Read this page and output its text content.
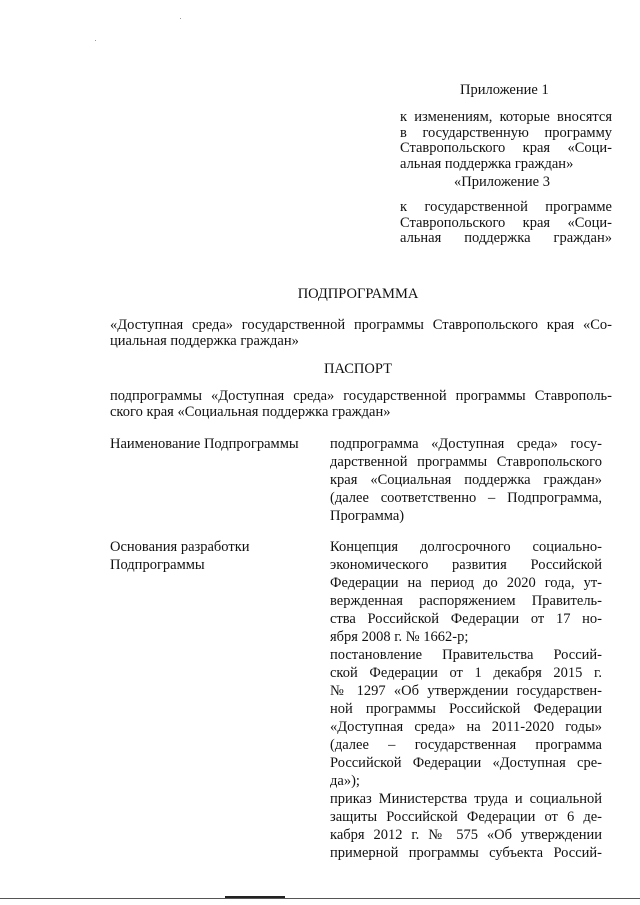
Приложение 1
к изменениям, которые вносятся
в государственную программу
Ставропольского края «Соци-
альная поддержка граждан»
«Приложение 3
к государственной программе
Ставропольского края «Соци-
альная поддержка граждан»
ПОДПРОГРАММА
«Доступная среда» государственной программы Ставропольского края «Со-
циальная поддержка граждан»
ПАСПОРТ
подпрограммы «Доступная среда» государственной программы Ставрополь-
ского края «Социальная поддержка граждан»
Наименование Подпрограммы	подпрограмма «Доступная среда» госу-
дарственной программы Ставропольского
края «Социальная поддержка граждан»
(далее соответственно – Подпрограмма,
Программа)
Основания разработки
Подпрограммы
Концепция долгосрочного социально-
экономического развития Российской
Федерации на период до 2020 года, ут-
вержденная распоряжением Правитель-
ства Российской Федерации от 17 но-
ября 2008 г. № 1662-р;
постановление Правительства Россий-
ской Федерации от 1 декабря 2015 г.
№ 1297 «Об утверждении государствен-
ной программы Российской Федерации
«Доступная среда» на 2011-2020 годы»
(далее – государственная программа
Российской Федерации «Доступная сре-
да»);
приказ Министерства труда и социальной
защиты Российской Федерации от 6 де-
кабря 2012 г. № 575 «Об утверждении
примерной программы субъекта Россий-
